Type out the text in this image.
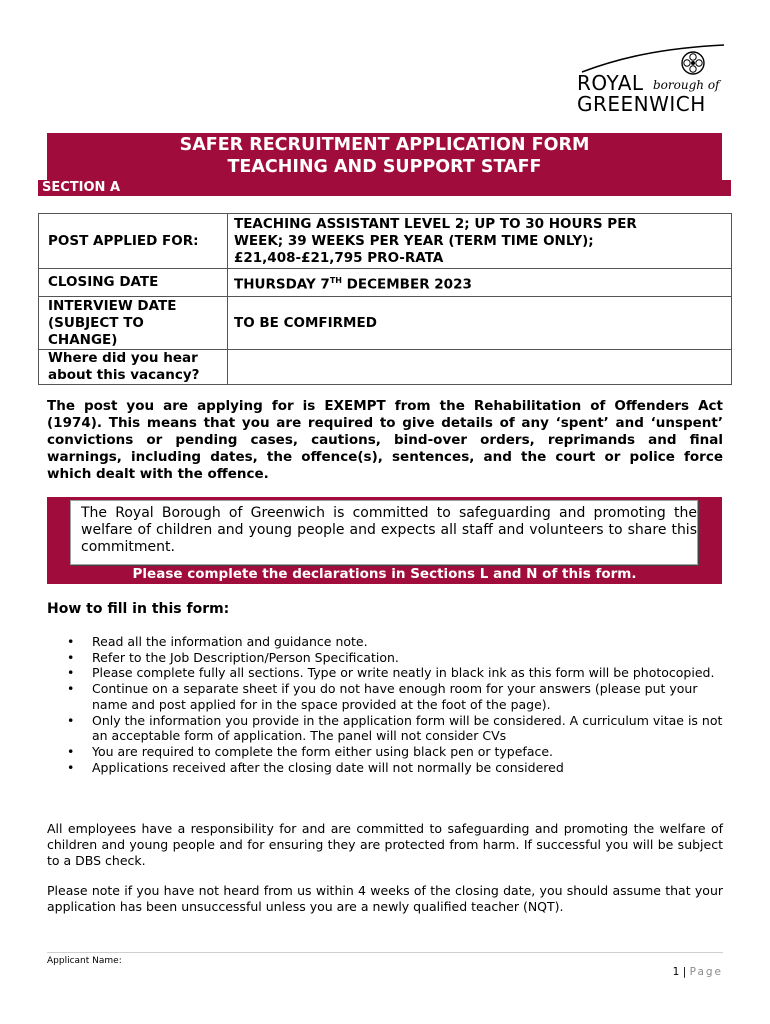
ROYAL borough of
GREENWICH
SAFER RECRUITMENT APPLICATION FORM
TEACHING AND SUPPORT STAFF
SECTION A
POST APPLIED FOR:	TEACHING ASSISTANT LEVEL 2; UP TO 30 HOURS PER
WEEK; 39 WEEKS PER YEAR (TERM TIME ONLY);
£21,408-£21,795 PRO-RATA

CLOSING DATE	THURSDAY 7TH DECEMBER 2023

INTERVIEW DATE
(SUBJECT TO
CHANGE)	TO BE COMFIRMED

Where did you hear
about this vacancy?	

The post you are applying for is EXEMPT from the Rehabilitation of Offenders Act (1974). This means that you are required to give details of any ‘spent’ and ‘unspent’ convictions or pending cases, cautions, bind-over orders, reprimands and final warnings, including dates, the offence(s), sentences, and the court or police force which dealt with the offence.
The Royal Borough of Greenwich is committed to safeguarding and promoting the welfare of children and young people and expects all staff and volunteers to share this commitment.
Please complete the declarations in Sections L and N of this form.
How to fill in this form:
• Read all the information and guidance note.
• Refer to the Job Description/Person Specification.
• Please complete fully all sections. Type or write neatly in black ink as this form will be photocopied.
• Continue on a separate sheet if you do not have enough room for your answers (please put your name and post applied for in the space provided at the foot of the page).
• Only the information you provide in the application form will be considered. A curriculum vitae is not an acceptable form of application. The panel will not consider CVs
• You are required to complete the form either using black pen or typeface.
• Applications received after the closing date will not normally be considered
All employees have a responsibility for and are committed to safeguarding and promoting the welfare of children and young people and for ensuring they are protected from harm. If successful you will be subject to a DBS check.
Please note if you have not heard from us within 4 weeks of the closing date, you should assume that your application has been unsuccessful unless you are a newly qualified teacher (NQT).
Applicant Name:
1 | Page
